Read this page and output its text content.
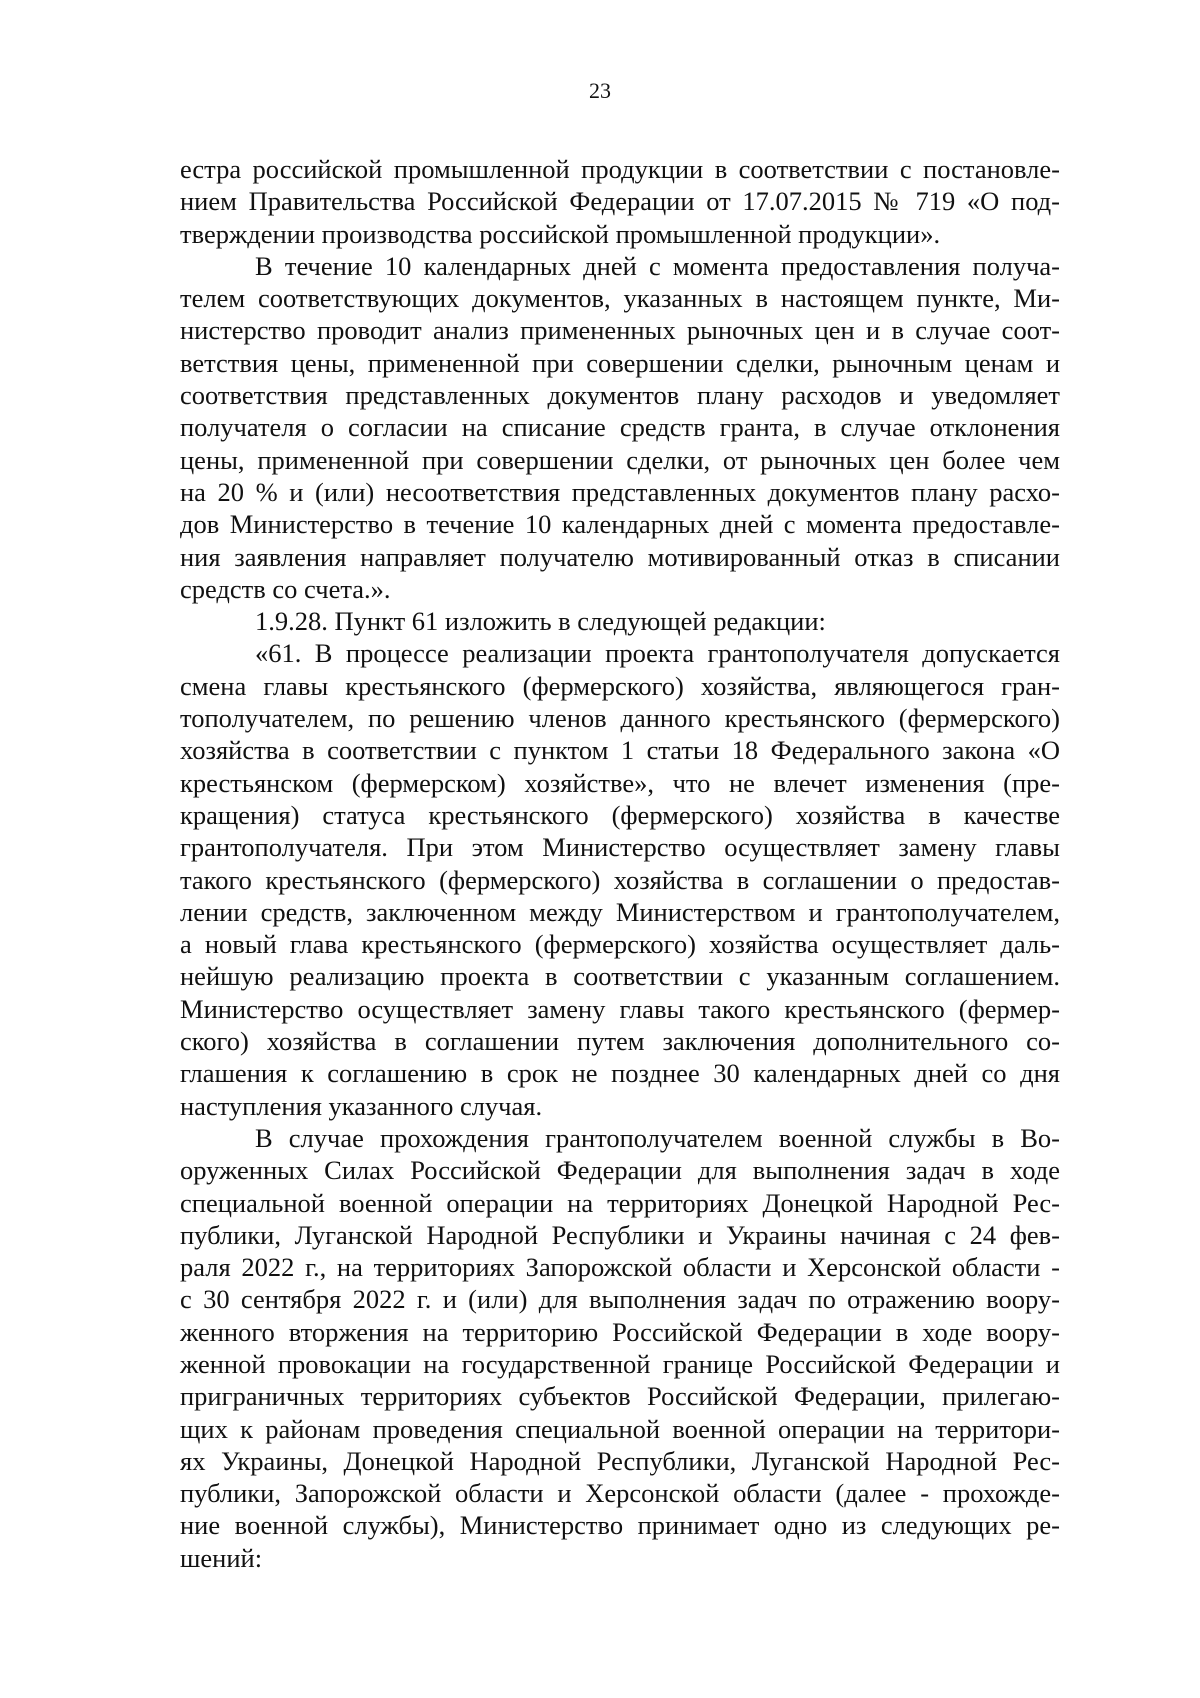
23
естра российской промышленной продукции в соответствии с постановле-
нием Правительства Российской Федерации от 17.07.2015 № 719 «О под-
тверждении производства российской промышленной продукции».
В течение 10 календарных дней с момента предоставления получа-
телем соответствующих документов, указанных в настоящем пункте, Ми-
нистерство проводит анализ примененных рыночных цен и в случае соот-
ветствия цены, примененной при совершении сделки, рыночным ценам и
соответствия представленных документов плану расходов и уведомляет
получателя о согласии на списание средств гранта, в случае отклонения
цены, примененной при совершении сделки, от рыночных цен более чем
на 20 % и (или) несоответствия представленных документов плану расхо-
дов Министерство в течение 10 календарных дней с момента предоставле-
ния заявления направляет получателю мотивированный отказ в списании
средств со счета.».
1.9.28. Пункт 61 изложить в следующей редакции:
«61. В процессе реализации проекта грантополучателя допускается
смена главы крестьянского (фермерского) хозяйства, являющегося гран-
тополучателем, по решению членов данного крестьянского (фермерского)
хозяйства в соответствии с пунктом 1 статьи 18 Федерального закона «О
крестьянском (фермерском) хозяйстве», что не влечет изменения (пре-
кращения) статуса крестьянского (фермерского) хозяйства в качестве
грантополучателя. При этом Министерство осуществляет замену главы
такого крестьянского (фермерского) хозяйства в соглашении о предостав-
лении средств, заключенном между Министерством и грантополучателем,
а новый глава крестьянского (фермерского) хозяйства осуществляет даль-
нейшую реализацию проекта в соответствии с указанным соглашением.
Министерство осуществляет замену главы такого крестьянского (фермер-
ского) хозяйства в соглашении путем заключения дополнительного со-
глашения к соглашению в срок не позднее 30 календарных дней со дня
наступления указанного случая.
В случае прохождения грантополучателем военной службы в Во-
оруженных Силах Российской Федерации для выполнения задач в ходе
специальной военной операции на территориях Донецкой Народной Рес-
публики, Луганской Народной Республики и Украины начиная с 24 фев-
раля 2022 г., на территориях Запорожской области и Херсонской области -
с 30 сентября 2022 г. и (или) для выполнения задач по отражению воору-
женного вторжения на территорию Российской Федерации в ходе воору-
женной провокации на государственной границе Российской Федерации и
приграничных территориях субъектов Российской Федерации, прилегаю-
щих к районам проведения специальной военной операции на территори-
ях Украины, Донецкой Народной Республики, Луганской Народной Рес-
публики, Запорожской области и Херсонской области (далее - прохожде-
ние военной службы), Министерство принимает одно из следующих ре-
шений:
